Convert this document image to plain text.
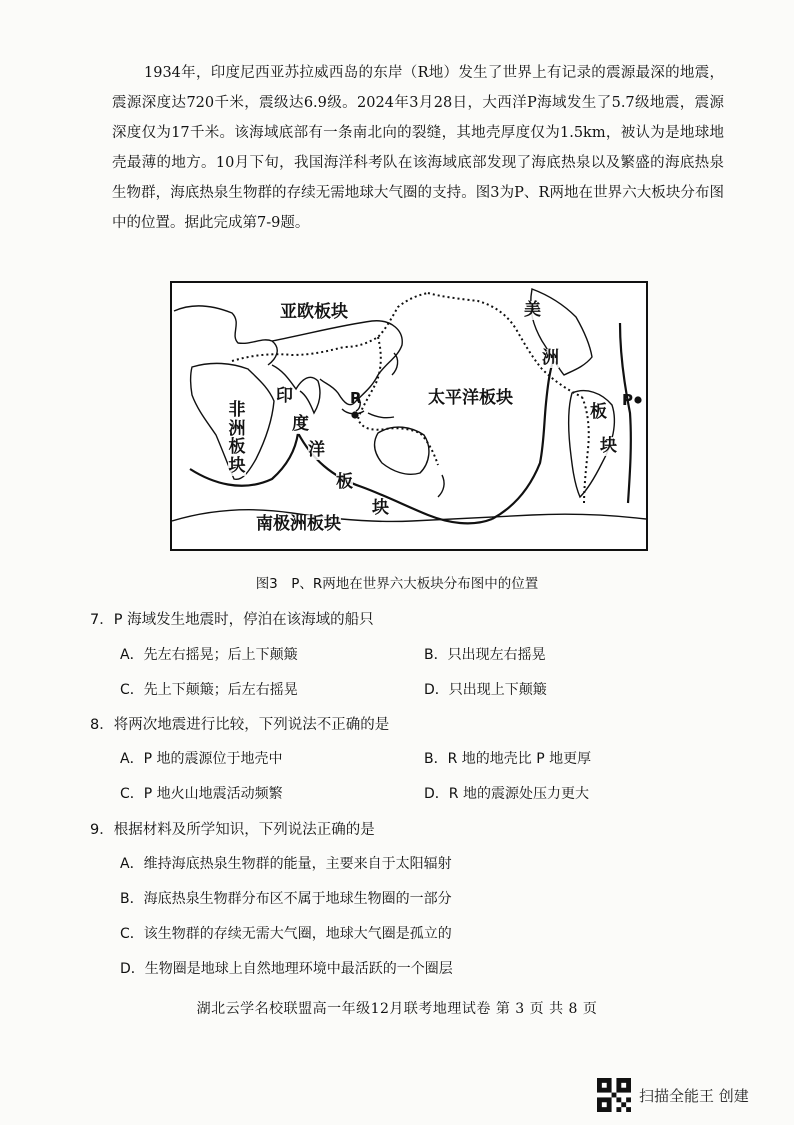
1934年，印度尼西亚苏拉威西岛的东岸（R地）发生了世界上有记录的震源最深的地震，震源深度达720千米，震级达6.9级。2024年3月28日，大西洋P海域发生了5.7级地震，震源深度仅为17千米。该海域底部有一条南北向的裂缝，其地壳厚度仅为1.5km，被认为是地球地壳最薄的地方。10月下旬，我国海洋科考队在该海域底部发现了海底热泉以及繁盛的海底热泉生物群，海底热泉生物群的存续无需地球大气圈的支持。图3为P、R两地在世界六大板块分布图中的位置。据此完成第7-9题。

亚欧板块
非
洲
板
块
印
度
洋
板
块
太平洋板块
美
洲
板
块
南极洲板块
R	P
图3　P、R两地在世界六大板块分布图中的位置
7．P 海域发生地震时，停泊在该海域的船只
A．先左右摇晃；后上下颠簸	B．只出现左右摇晃
C．先上下颠簸；后左右摇晃	D．只出现上下颠簸
8．将两次地震进行比较，下列说法不正确的是
A．P 地的震源位于地壳中	B．R 地的地壳比 P 地更厚
C．P 地火山地震活动频繁	D．R 地的震源处压力更大
9．根据材料及所学知识，下列说法正确的是
A．维持海底热泉生物群的能量，主要来自于太阳辐射
B．海底热泉生物群分布区不属于地球生物圈的一部分
C．该生物群的存续无需大气圈，地球大气圈是孤立的
D．生物圈是地球上自然地理环境中最活跃的一个圈层
湖北云学名校联盟高一年级12月联考地理试卷 第 3 页 共 8 页
扫描全能王 创建
